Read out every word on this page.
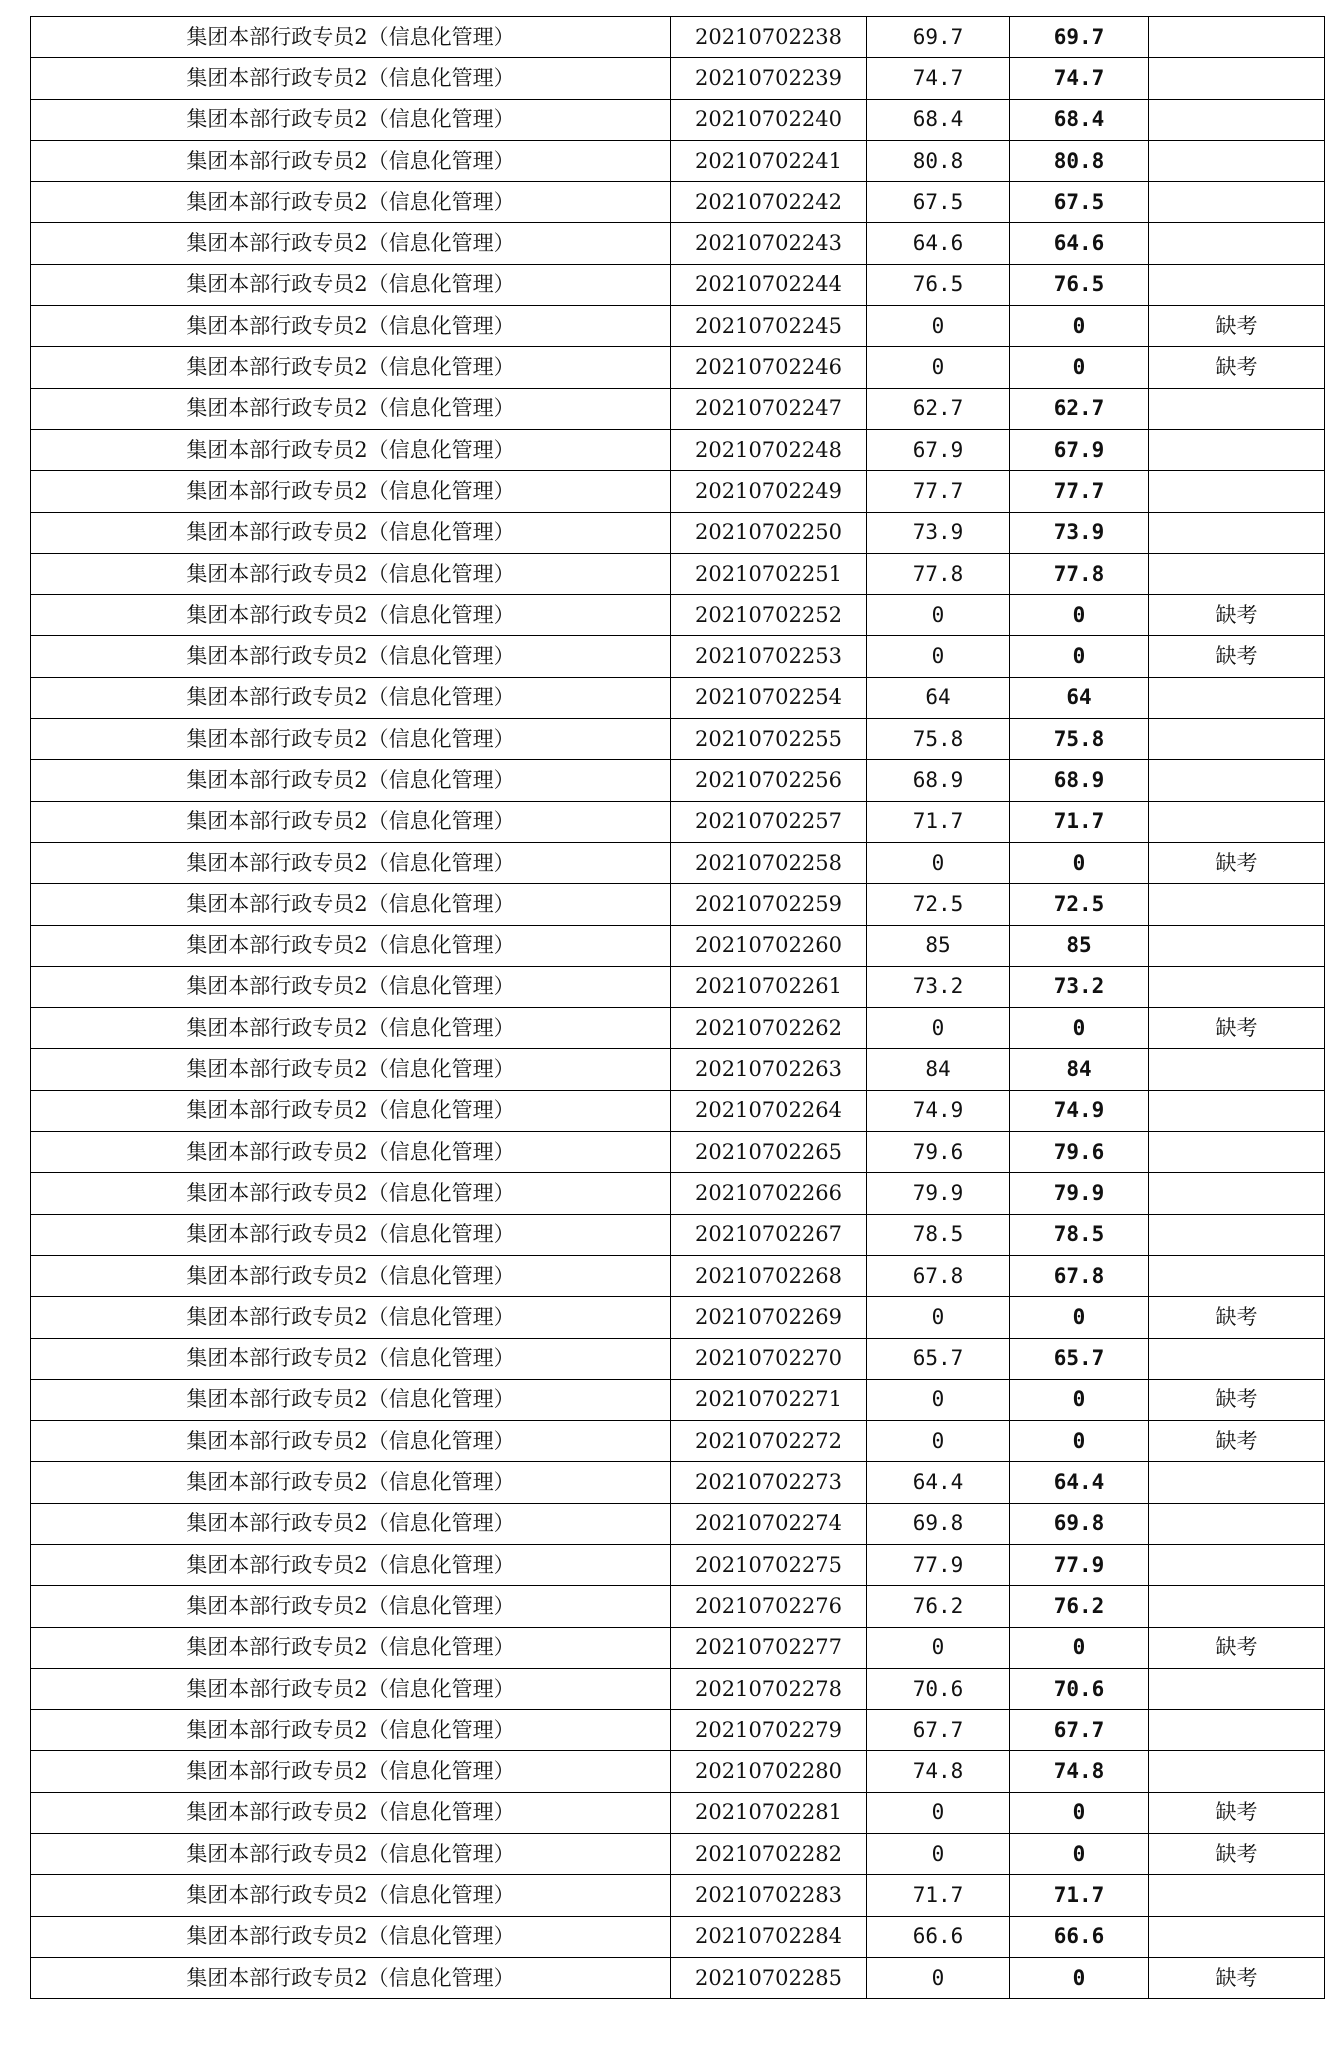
集团本部行政专员2（信息化管理）	20210702238	69.7	69.7	
集团本部行政专员2（信息化管理）	20210702239	74.7	74.7	
集团本部行政专员2（信息化管理）	20210702240	68.4	68.4	
集团本部行政专员2（信息化管理）	20210702241	80.8	80.8	
集团本部行政专员2（信息化管理）	20210702242	67.5	67.5	
集团本部行政专员2（信息化管理）	20210702243	64.6	64.6	
集团本部行政专员2（信息化管理）	20210702244	76.5	76.5	
集团本部行政专员2（信息化管理）	20210702245	0	0	缺考
集团本部行政专员2（信息化管理）	20210702246	0	0	缺考
集团本部行政专员2（信息化管理）	20210702247	62.7	62.7	
集团本部行政专员2（信息化管理）	20210702248	67.9	67.9	
集团本部行政专员2（信息化管理）	20210702249	77.7	77.7	
集团本部行政专员2（信息化管理）	20210702250	73.9	73.9	
集团本部行政专员2（信息化管理）	20210702251	77.8	77.8	
集团本部行政专员2（信息化管理）	20210702252	0	0	缺考
集团本部行政专员2（信息化管理）	20210702253	0	0	缺考
集团本部行政专员2（信息化管理）	20210702254	64	64	
集团本部行政专员2（信息化管理）	20210702255	75.8	75.8	
集团本部行政专员2（信息化管理）	20210702256	68.9	68.9	
集团本部行政专员2（信息化管理）	20210702257	71.7	71.7	
集团本部行政专员2（信息化管理）	20210702258	0	0	缺考
集团本部行政专员2（信息化管理）	20210702259	72.5	72.5	
集团本部行政专员2（信息化管理）	20210702260	85	85	
集团本部行政专员2（信息化管理）	20210702261	73.2	73.2	
集团本部行政专员2（信息化管理）	20210702262	0	0	缺考
集团本部行政专员2（信息化管理）	20210702263	84	84	
集团本部行政专员2（信息化管理）	20210702264	74.9	74.9	
集团本部行政专员2（信息化管理）	20210702265	79.6	79.6	
集团本部行政专员2（信息化管理）	20210702266	79.9	79.9	
集团本部行政专员2（信息化管理）	20210702267	78.5	78.5	
集团本部行政专员2（信息化管理）	20210702268	67.8	67.8	
集团本部行政专员2（信息化管理）	20210702269	0	0	缺考
集团本部行政专员2（信息化管理）	20210702270	65.7	65.7	
集团本部行政专员2（信息化管理）	20210702271	0	0	缺考
集团本部行政专员2（信息化管理）	20210702272	0	0	缺考
集团本部行政专员2（信息化管理）	20210702273	64.4	64.4	
集团本部行政专员2（信息化管理）	20210702274	69.8	69.8	
集团本部行政专员2（信息化管理）	20210702275	77.9	77.9	
集团本部行政专员2（信息化管理）	20210702276	76.2	76.2	
集团本部行政专员2（信息化管理）	20210702277	0	0	缺考
集团本部行政专员2（信息化管理）	20210702278	70.6	70.6	
集团本部行政专员2（信息化管理）	20210702279	67.7	67.7	
集团本部行政专员2（信息化管理）	20210702280	74.8	74.8	
集团本部行政专员2（信息化管理）	20210702281	0	0	缺考
集团本部行政专员2（信息化管理）	20210702282	0	0	缺考
集团本部行政专员2（信息化管理）	20210702283	71.7	71.7	
集团本部行政专员2（信息化管理）	20210702284	66.6	66.6	
集团本部行政专员2（信息化管理）	20210702285	0	0	缺考
